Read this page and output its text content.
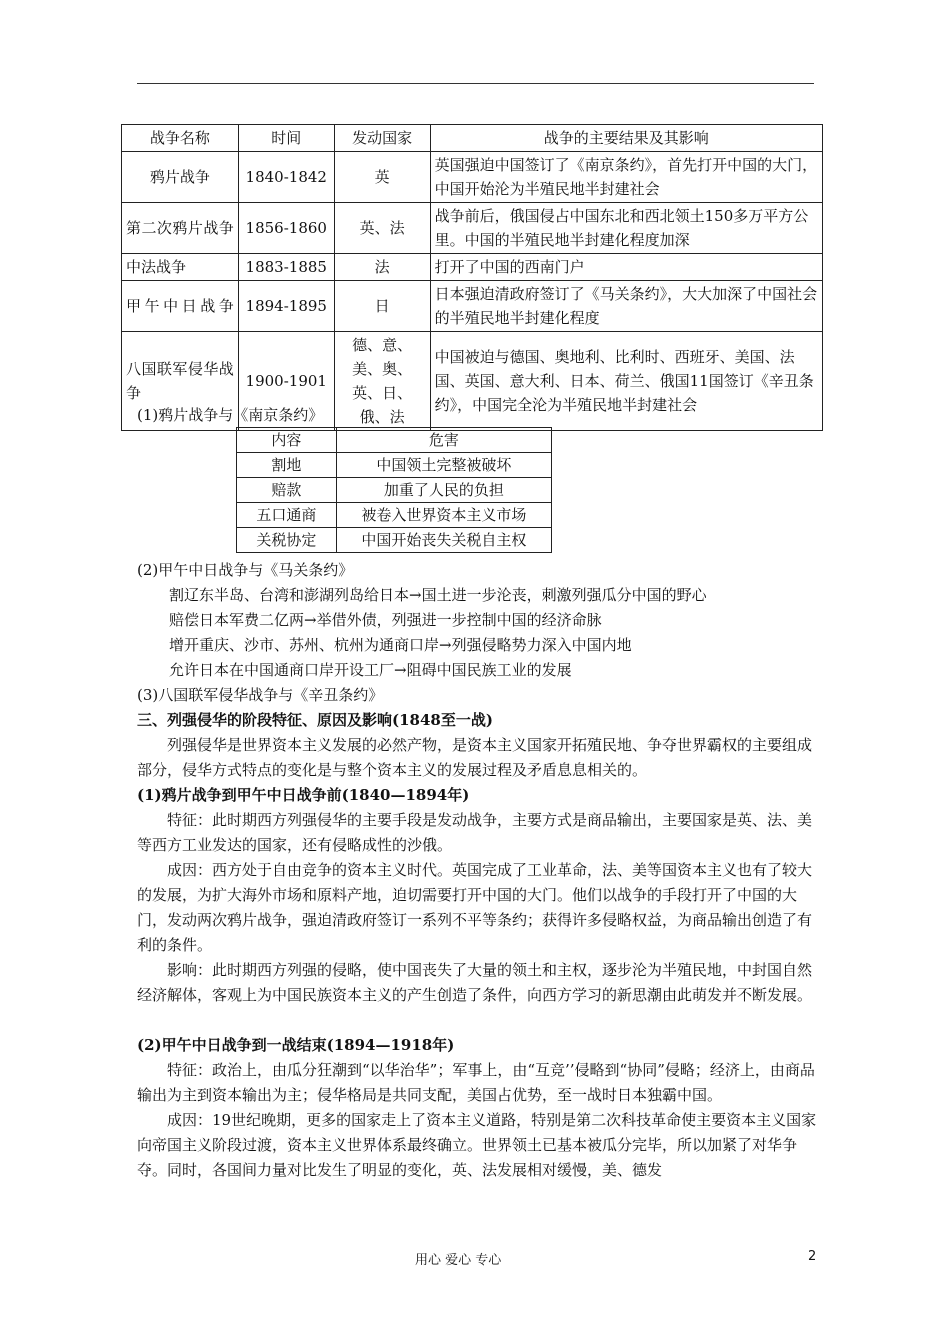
战争名称	时间	发动国家	战争的主要结果及其影响
鸦片战争	1840-1842	英	英国强迫中国签订了《南京条约》，首先打开中国的大门，中国开始沦为半殖民地半封建社会
第二次鸦片战争	1856-1860	英、法	战争前后，俄国侵占中国东北和西北领土150多万平方公里。中国的半殖民地半封建化程度加深
中法战争	1883-1885	法	打开了中国的西南门户
甲午中日战争	1894-1895	日	日本强迫清政府签订了《马关条约》，大大加深了中国社会的半殖民地半封建化程度
八国联军侵华战争	1900-1901	德、意、美、奥、英、日、俄、法	中国被迫与德国、奥地利、比利时、西班牙、美国、法国、英国、意大利、日本、荷兰、俄国11国签订《辛丑条约》，中国完全沦为半殖民地半封建社会
(1)鸦片战争与《南京条约》
内容	危害
割地	中国领土完整被破坏
赔款	加重了人民的负担
五口通商	被卷入世界资本主义市场
关税协定	中国开始丧失关税自主权
(2)甲午中日战争与《马关条约》
割辽东半岛、台湾和澎湖列岛给日本→国土进一步沦丧，刺激列强瓜分中国的野心
赔偿日本军费二亿两→举借外债，列强进一步控制中国的经济命脉
增开重庆、沙市、苏州、杭州为通商口岸→列强侵略势力深入中国内地
允许日本在中国通商口岸开设工厂→阻碍中国民族工业的发展
(3)八国联军侵华战争与《辛丑条约》
三、列强侵华的阶段特征、原因及影响(1848至一战)

列强侵华是世界资本主义发展的必然产物，是资本主义国家开拓殖民地、争夺世界霸权的主要组成部分，侵华方式特点的变化是与整个资本主义的发展过程及矛盾息息相关的。

(1)鸦片战争到甲午中日战争前(1840—1894年)

特征：此时期西方列强侵华的主要手段是发动战争，主要方式是商品输出，主要国家是英、法、美等西方工业发达的国家，还有侵略成性的沙俄。

成因：西方处于自由竞争的资本主义时代。英国完成了工业革命，法、美等国资本主义也有了较大的发展，为扩大海外市场和原料产地，迫切需要打开中国的大门。他们以战争的手段打开了中国的大门，发动两次鸦片战争，强迫清政府签订一系列不平等条约；获得许多侵略权益，为商品输出创造了有利的条件。

影响：此时期西方列强的侵略，使中国丧失了大量的领土和主权，逐步沦为半殖民地，中封国自然经济解体，客观上为中国民族资本主义的产生创造了条件，向西方学习的新思潮由此萌发并不断发展。

(2)甲午中日战争到一战结束(1894—1918年)

特征：政治上，由瓜分狂潮到“以华治华”；军事上，由“互竞’’侵略到“协同”侵略；经济上，由商品输出为主到资本输出为主；侵华格局是共同支配，美国占优势，至一战时日本独霸中国。

成因：19世纪晚期，更多的国家走上了资本主义道路，特别是第二次科技革命使主要资本主义国家向帝国主义阶段过渡，资本主义世界体系最终确立。世界领土已基本被瓜分完毕，所以加紧了对华争夺。同时，各国间力量对比发生了明显的变化，英、法发展相对缓慢，美、德发

用心 爱心 专心	2
